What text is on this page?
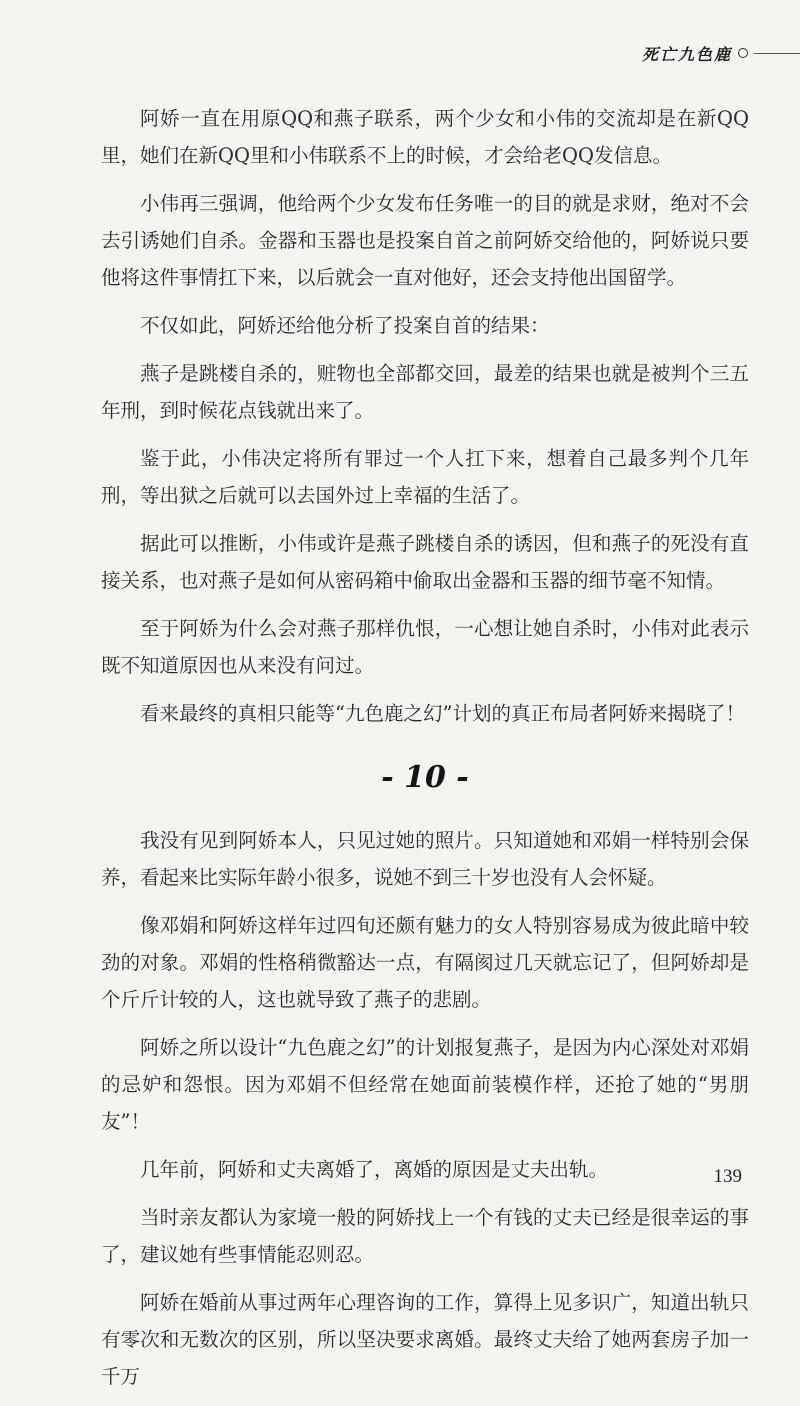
死亡九色鹿

阿娇一直在用原QQ和燕子联系，两个少女和小伟的交流却是在新QQ里，她们在新QQ里和小伟联系不上的时候，才会给老QQ发信息。

小伟再三强调，他给两个少女发布任务唯一的目的就是求财，绝对不会去引诱她们自杀。金器和玉器也是投案自首之前阿娇交给他的，阿娇说只要他将这件事情扛下来，以后就会一直对他好，还会支持他出国留学。

不仅如此，阿娇还给他分析了投案自首的结果：

燕子是跳楼自杀的，赃物也全部都交回，最差的结果也就是被判个三五年刑，到时候花点钱就出来了。

鉴于此，小伟决定将所有罪过一个人扛下来，想着自己最多判个几年刑，等出狱之后就可以去国外过上幸福的生活了。

据此可以推断，小伟或许是燕子跳楼自杀的诱因，但和燕子的死没有直接关系，也对燕子是如何从密码箱中偷取出金器和玉器的细节毫不知情。

至于阿娇为什么会对燕子那样仇恨，一心想让她自杀时，小伟对此表示既不知道原因也从来没有问过。

看来最终的真相只能等“九色鹿之幻”计划的真正布局者阿娇来揭晓了！

- 10 -

我没有见到阿娇本人，只见过她的照片。只知道她和邓娟一样特别会保养，看起来比实际年龄小很多，说她不到三十岁也没有人会怀疑。

像邓娟和阿娇这样年过四旬还颇有魅力的女人特别容易成为彼此暗中较劲的对象。邓娟的性格稍微豁达一点，有隔阂过几天就忘记了，但阿娇却是个斤斤计较的人，这也就导致了燕子的悲剧。

阿娇之所以设计“九色鹿之幻”的计划报复燕子，是因为内心深处对邓娟的忌妒和怨恨。因为邓娟不但经常在她面前装模作样，还抢了她的“男朋友”！

几年前，阿娇和丈夫离婚了，离婚的原因是丈夫出轨。

当时亲友都认为家境一般的阿娇找上一个有钱的丈夫已经是很幸运的事了，建议她有些事情能忍则忍。

阿娇在婚前从事过两年心理咨询的工作，算得上见多识广，知道出轨只有零次和无数次的区别，所以坚决要求离婚。最终丈夫给了她两套房子加一千万

139
